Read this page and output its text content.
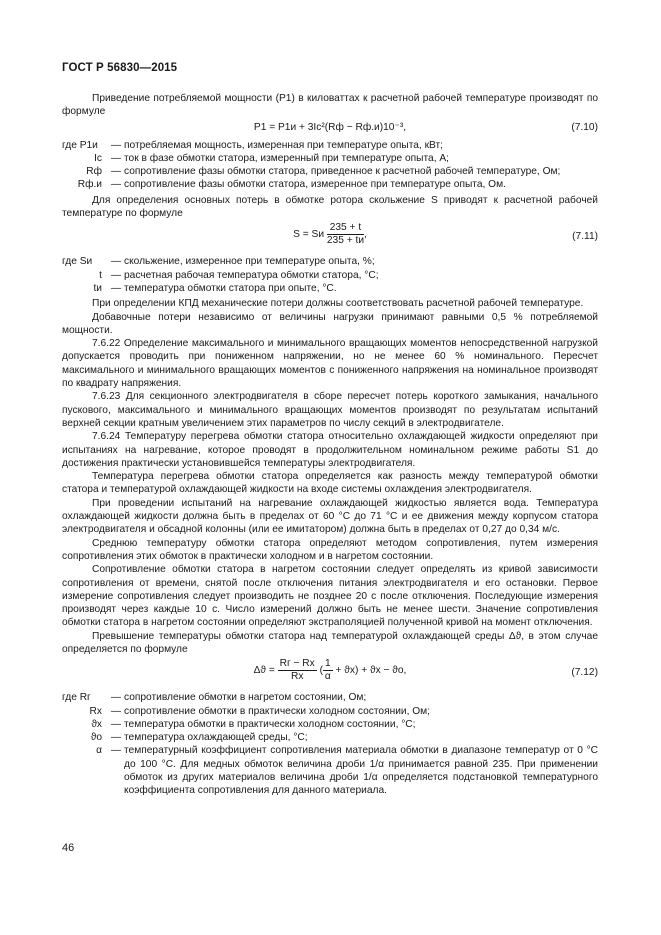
ГОСТ Р 56830—2015

Приведение потребляемой мощности (P1) в киловаттах к расчетной рабочей температуре производят по формуле

P1 = P1и + 3Iс²(Rф − Rф.и)10⁻³,	(7.10)
где P1и	— потребляемая мощность, измеренная при температуре опыта, кВт;
Iс — ток в фазе обмотки статора, измеренный при температуре опыта, А;
Rф — сопротивление фазы обмотки статора, приведенное к расчетной рабочей температуре, Ом;
Rф.и — сопротивление фазы обмотки статора, измеренное при температуре опыта, Ом.

Для определения основных потерь в обмотке ротора скольжение S приводят к расчетной рабочей температуре по формуле

S = Sи $\frac{235 + t}{235 + tи}$ ,	(7.11)
где Sи	— скольжение, измеренное при температуре опыта, %;
t — расчетная рабочая температура обмотки статора, °С;
tи — температура обмотки статора при опыте, °С.

При определении КПД механические потери должны соответствовать расчетной рабочей температуре.

Добавочные потери независимо от величины нагрузки принимают равными 0,5 % потребляемой мощности.

7.6.22 Определение максимального и минимального вращающих моментов непосредственной нагрузкой допускается проводить при пониженном напряжении, но не менее 60 % номинального. Пересчет максимального и минимального вращающих моментов с пониженного напряжения на номинальное производят по квадрату напряжения.

7.6.23 Для секционного электродвигателя в сборе пересчет потерь короткого замыкания, начального пускового, максимального и минимального вращающих моментов производят по результатам испытаний верхней секции кратным увеличением этих параметров по числу секций в электродвигателе.

7.6.24 Температуру перегрева обмотки статора относительно охлаждающей жидкости определяют при испытаниях на нагревание, которое проводят в продолжительном номинальном режиме работы S1 до достижения практически установившейся температуры электродвигателя.

Температура перегрева обмотки статора определяется как разность между температурой обмотки статора и температурой охлаждающей жидкости на входе системы охлаждения электродвигателя.

При проведении испытаний на нагревание охлаждающей жидкостью является вода. Температура охлаждающей жидкости должна быть в пределах от 60 °С до 71 °С и ее движения между корпусом статора электродвигателя и обсадной колонны (или ее имитатором) должна быть в пределах от 0,27 до 0,34 м/с.

Среднюю температуру обмотки статора определяют методом сопротивления, путем измерения сопротивления этих обмоток в практически холодном и в нагретом состоянии.

Сопротивление обмотки статора в нагретом состоянии следует определять из кривой зависимости сопротивления от времени, снятой после отключения питания электродвигателя и его остановки. Первое измерение сопротивления следует производить не позднее 20 с после отключения. Последующие измерения производят через каждые 10 с. Число измерений должно быть не менее шести. Значение сопротивления обмотки статора в нагретом состоянии определяют экстраполяцией полученной кривой на момент отключения.

Превышение температуры обмотки статора над температурой охлаждающей среды Δϑ, в этом случае определяется по формуле

$\Delta ϑ = \frac{Rг - Rx}{Rx}$ ( $\frac{1}{\alpha} + ϑx) + ϑx - ϑo$,	(7.12)
где Rг	— сопротивление обмотки в нагретом состоянии, Ом;
Rх — сопротивление обмотки в практически холодном состоянии, Ом;
ϑх — температура обмотки в практически холодном состоянии, °С;
ϑо — температура охлаждающей среды, °С;
α — температурный коэффициент сопротивления материала обмотки в диапазоне температур от 0 °С до 100 °С. Для медных обмоток величина дроби 1/α принимается равной 235. При применении обмоток из других материалов величина дроби 1/α определяется подстановкой температурного коэффициента сопротивления для данного материала.
46
